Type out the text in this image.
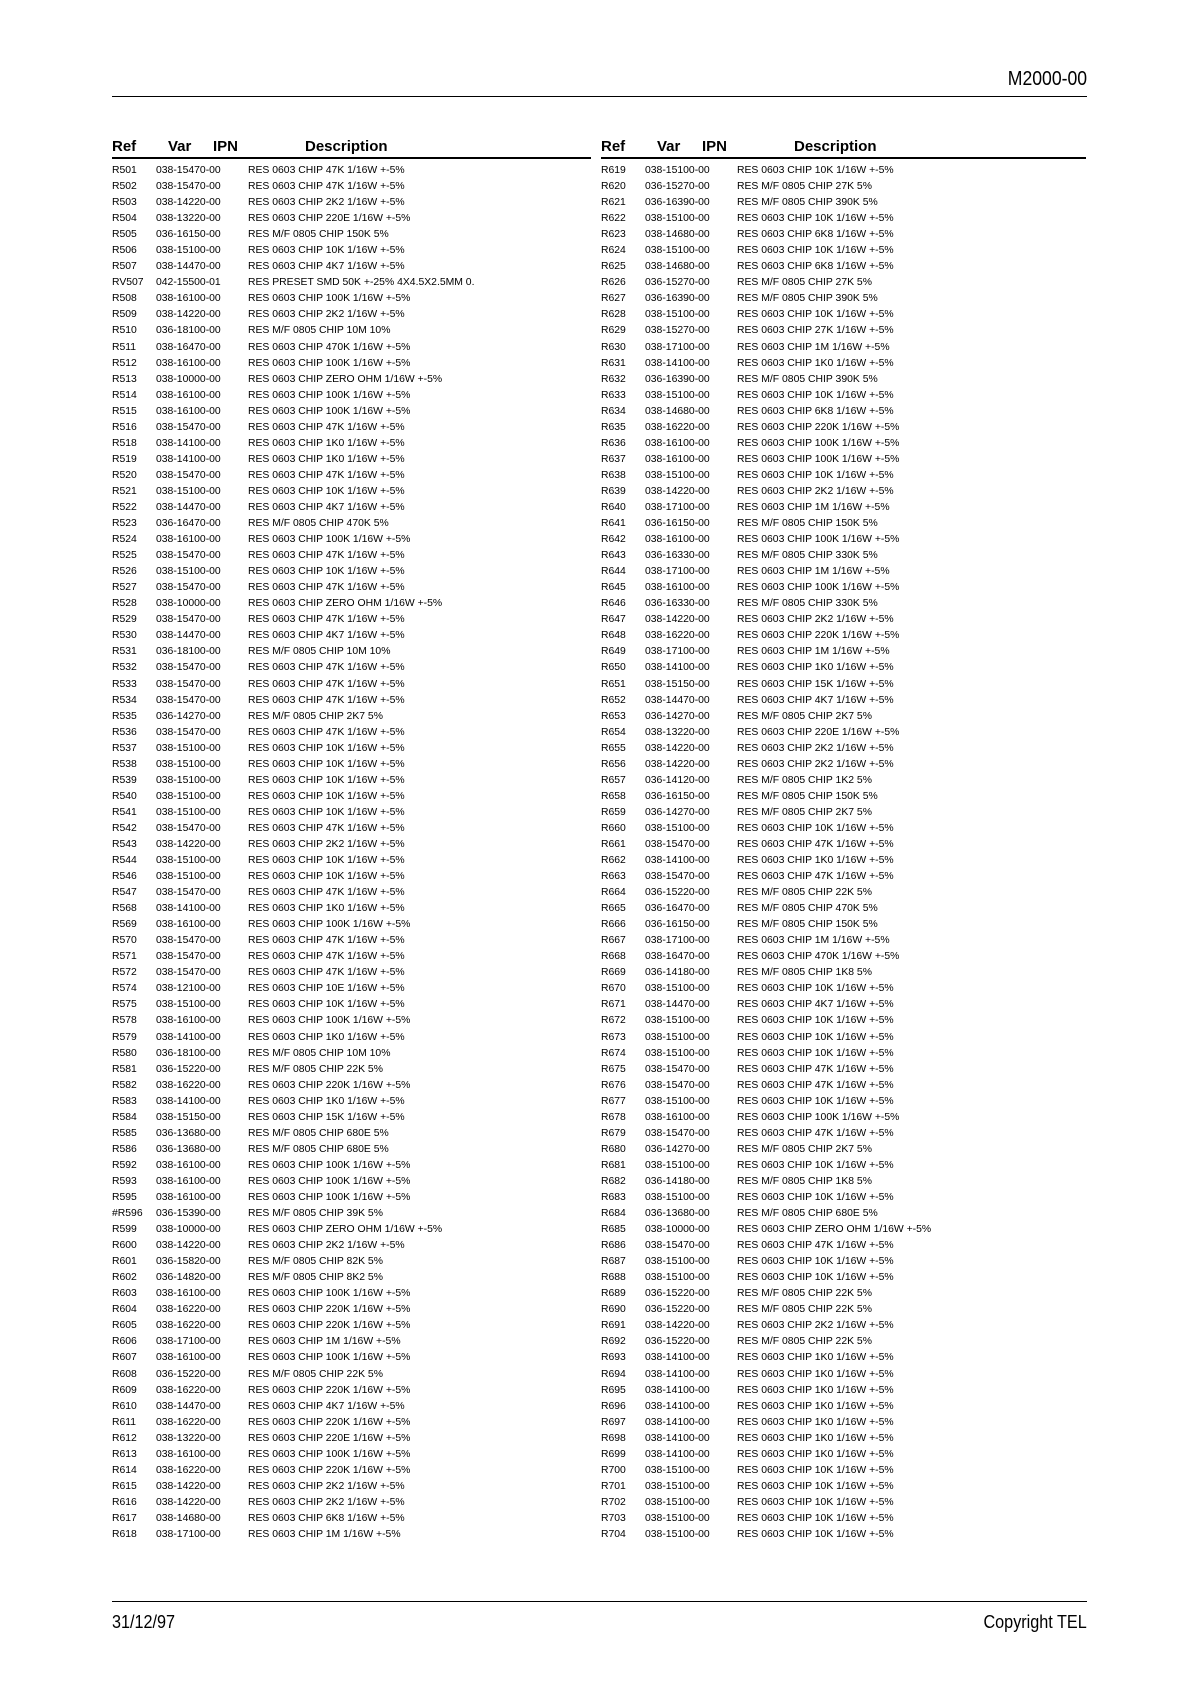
M2000-00
Ref Var IPN	Description
R501 038-15470-00	RES 0603 CHIP 47K 1/16W +-5%
R502 038-15470-00	RES 0603 CHIP 47K 1/16W +-5%
R503 038-14220-00	RES 0603 CHIP 2K2 1/16W +-5%
R504 038-13220-00	RES 0603 CHIP 220E 1/16W +-5%
R505 036-16150-00	RES M/F 0805 CHIP 150K 5%
R506 038-15100-00	RES 0603 CHIP 10K 1/16W +-5%
R507 038-14470-00	RES 0603 CHIP 4K7 1/16W +-5%
RV507 042-15500-01	RES PRESET SMD 50K +-25% 4X4.5X2.5MM 0.
R508 038-16100-00	RES 0603 CHIP 100K 1/16W +-5%
R509 038-14220-00	RES 0603 CHIP 2K2 1/16W +-5%
R510 036-18100-00	RES M/F 0805 CHIP 10M 10%
R511 038-16470-00	RES 0603 CHIP 470K 1/16W +-5%
R512 038-16100-00	RES 0603 CHIP 100K 1/16W +-5%
R513 038-10000-00	RES 0603 CHIP ZERO OHM 1/16W +-5%
R514 038-16100-00	RES 0603 CHIP 100K 1/16W +-5%
R515 038-16100-00	RES 0603 CHIP 100K 1/16W +-5%
R516 038-15470-00	RES 0603 CHIP 47K 1/16W +-5%
R518 038-14100-00	RES 0603 CHIP 1K0 1/16W +-5%
R519 038-14100-00	RES 0603 CHIP 1K0 1/16W +-5%
R520 038-15470-00	RES 0603 CHIP 47K 1/16W +-5%
R521 038-15100-00	RES 0603 CHIP 10K 1/16W +-5%
R522 038-14470-00	RES 0603 CHIP 4K7 1/16W +-5%
R523 036-16470-00	RES M/F 0805 CHIP 470K 5%
R524 038-16100-00	RES 0603 CHIP 100K 1/16W +-5%
R525 038-15470-00	RES 0603 CHIP 47K 1/16W +-5%
R526 038-15100-00	RES 0603 CHIP 10K 1/16W +-5%
R527 038-15470-00	RES 0603 CHIP 47K 1/16W +-5%
R528 038-10000-00	RES 0603 CHIP ZERO OHM 1/16W +-5%
R529 038-15470-00	RES 0603 CHIP 47K 1/16W +-5%
R530 038-14470-00	RES 0603 CHIP 4K7 1/16W +-5%
R531 036-18100-00	RES M/F 0805 CHIP 10M 10%
R532 038-15470-00	RES 0603 CHIP 47K 1/16W +-5%
R533 038-15470-00	RES 0603 CHIP 47K 1/16W +-5%
R534 038-15470-00	RES 0603 CHIP 47K 1/16W +-5%
R535 036-14270-00	RES M/F 0805 CHIP 2K7 5%
R536 038-15470-00	RES 0603 CHIP 47K 1/16W +-5%
R537 038-15100-00	RES 0603 CHIP 10K 1/16W +-5%
R538 038-15100-00	RES 0603 CHIP 10K 1/16W +-5%
R539 038-15100-00	RES 0603 CHIP 10K 1/16W +-5%
R540 038-15100-00	RES 0603 CHIP 10K 1/16W +-5%
R541 038-15100-00	RES 0603 CHIP 10K 1/16W +-5%
R542 038-15470-00	RES 0603 CHIP 47K 1/16W +-5%
R543 038-14220-00	RES 0603 CHIP 2K2 1/16W +-5%
R544 038-15100-00	RES 0603 CHIP 10K 1/16W +-5%
R546 038-15100-00	RES 0603 CHIP 10K 1/16W +-5%
R547 038-15470-00	RES 0603 CHIP 47K 1/16W +-5%
R568 038-14100-00	RES 0603 CHIP 1K0 1/16W +-5%
R569 038-16100-00	RES 0603 CHIP 100K 1/16W +-5%
R570 038-15470-00	RES 0603 CHIP 47K 1/16W +-5%
R571 038-15470-00	RES 0603 CHIP 47K 1/16W +-5%
R572 038-15470-00	RES 0603 CHIP 47K 1/16W +-5%
R574 038-12100-00	RES 0603 CHIP 10E 1/16W +-5%
R575 038-15100-00	RES 0603 CHIP 10K 1/16W +-5%
R578 038-16100-00	RES 0603 CHIP 100K 1/16W +-5%
R579 038-14100-00	RES 0603 CHIP 1K0 1/16W +-5%
R580 036-18100-00	RES M/F 0805 CHIP 10M 10%
R581 036-15220-00	RES M/F 0805 CHIP 22K 5%
R582 038-16220-00	RES 0603 CHIP 220K 1/16W +-5%
R583 038-14100-00	RES 0603 CHIP 1K0 1/16W +-5%
R584 038-15150-00	RES 0603 CHIP 15K 1/16W +-5%
R585 036-13680-00	RES M/F 0805 CHIP 680E 5%
R586 036-13680-00	RES M/F 0805 CHIP 680E 5%
R592 038-16100-00	RES 0603 CHIP 100K 1/16W +-5%
R593 038-16100-00	RES 0603 CHIP 100K 1/16W +-5%
R595 038-16100-00	RES 0603 CHIP 100K 1/16W +-5%
#R596 036-15390-00	RES M/F 0805 CHIP 39K 5%
R599 038-10000-00	RES 0603 CHIP ZERO OHM 1/16W +-5%
R600 038-14220-00	RES 0603 CHIP 2K2 1/16W +-5%
R601 036-15820-00	RES M/F 0805 CHIP 82K 5%
R602 036-14820-00	RES M/F 0805 CHIP 8K2 5%
R603 038-16100-00	RES 0603 CHIP 100K 1/16W +-5%
R604 038-16220-00	RES 0603 CHIP 220K 1/16W +-5%
R605 038-16220-00	RES 0603 CHIP 220K 1/16W +-5%
R606 038-17100-00	RES 0603 CHIP 1M 1/16W +-5%
R607 038-16100-00	RES 0603 CHIP 100K 1/16W +-5%
R608 036-15220-00	RES M/F 0805 CHIP 22K 5%
R609 038-16220-00	RES 0603 CHIP 220K 1/16W +-5%
R610 038-14470-00	RES 0603 CHIP 4K7 1/16W +-5%
R611 038-16220-00	RES 0603 CHIP 220K 1/16W +-5%
R612 038-13220-00	RES 0603 CHIP 220E 1/16W +-5%
R613 038-16100-00	RES 0603 CHIP 100K 1/16W +-5%
R614 038-16220-00	RES 0603 CHIP 220K 1/16W +-5%
R615 038-14220-00	RES 0603 CHIP 2K2 1/16W +-5%
R616 038-14220-00	RES 0603 CHIP 2K2 1/16W +-5%
R617 038-14680-00	RES 0603 CHIP 6K8 1/16W +-5%
R618 038-17100-00	RES 0603 CHIP 1M 1/16W +-5%
Ref Var IPN	Description
R619 038-15100-00	RES 0603 CHIP 10K 1/16W +-5%
R620 036-15270-00	RES M/F 0805 CHIP 27K 5%
R621 036-16390-00	RES M/F 0805 CHIP 390K 5%
R622 038-15100-00	RES 0603 CHIP 10K 1/16W +-5%
R623 038-14680-00	RES 0603 CHIP 6K8 1/16W +-5%
R624 038-15100-00	RES 0603 CHIP 10K 1/16W +-5%
R625 038-14680-00	RES 0603 CHIP 6K8 1/16W +-5%
R626 036-15270-00	RES M/F 0805 CHIP 27K 5%
R627 036-16390-00	RES M/F 0805 CHIP 390K 5%
R628 038-15100-00	RES 0603 CHIP 10K 1/16W +-5%
R629 038-15270-00	RES 0603 CHIP 27K 1/16W +-5%
R630 038-17100-00	RES 0603 CHIP 1M 1/16W +-5%
R631 038-14100-00	RES 0603 CHIP 1K0 1/16W +-5%
R632 036-16390-00	RES M/F 0805 CHIP 390K 5%
R633 038-15100-00	RES 0603 CHIP 10K 1/16W +-5%
R634 038-14680-00	RES 0603 CHIP 6K8 1/16W +-5%
R635 038-16220-00	RES 0603 CHIP 220K 1/16W +-5%
R636 038-16100-00	RES 0603 CHIP 100K 1/16W +-5%
R637 038-16100-00	RES 0603 CHIP 100K 1/16W +-5%
R638 038-15100-00	RES 0603 CHIP 10K 1/16W +-5%
R639 038-14220-00	RES 0603 CHIP 2K2 1/16W +-5%
R640 038-17100-00	RES 0603 CHIP 1M 1/16W +-5%
R641 036-16150-00	RES M/F 0805 CHIP 150K 5%
R642 038-16100-00	RES 0603 CHIP 100K 1/16W +-5%
R643 036-16330-00	RES M/F 0805 CHIP 330K 5%
R644 038-17100-00	RES 0603 CHIP 1M 1/16W +-5%
R645 038-16100-00	RES 0603 CHIP 100K 1/16W +-5%
R646 036-16330-00	RES M/F 0805 CHIP 330K 5%
R647 038-14220-00	RES 0603 CHIP 2K2 1/16W +-5%
R648 038-16220-00	RES 0603 CHIP 220K 1/16W +-5%
R649 038-17100-00	RES 0603 CHIP 1M 1/16W +-5%
R650 038-14100-00	RES 0603 CHIP 1K0 1/16W +-5%
R651 038-15150-00	RES 0603 CHIP 15K 1/16W +-5%
R652 038-14470-00	RES 0603 CHIP 4K7 1/16W +-5%
R653 036-14270-00	RES M/F 0805 CHIP 2K7 5%
R654 038-13220-00	RES 0603 CHIP 220E 1/16W +-5%
R655 038-14220-00	RES 0603 CHIP 2K2 1/16W +-5%
R656 038-14220-00	RES 0603 CHIP 2K2 1/16W +-5%
R657 036-14120-00	RES M/F 0805 CHIP 1K2 5%
R658 036-16150-00	RES M/F 0805 CHIP 150K 5%
R659 036-14270-00	RES M/F 0805 CHIP 2K7 5%
R660 038-15100-00	RES 0603 CHIP 10K 1/16W +-5%
R661 038-15470-00	RES 0603 CHIP 47K 1/16W +-5%
R662 038-14100-00	RES 0603 CHIP 1K0 1/16W +-5%
R663 038-15470-00	RES 0603 CHIP 47K 1/16W +-5%
R664 036-15220-00	RES M/F 0805 CHIP 22K 5%
R665 036-16470-00	RES M/F 0805 CHIP 470K 5%
R666 036-16150-00	RES M/F 0805 CHIP 150K 5%
R667 038-17100-00	RES 0603 CHIP 1M 1/16W +-5%
R668 038-16470-00	RES 0603 CHIP 470K 1/16W +-5%
R669 036-14180-00	RES M/F 0805 CHIP 1K8 5%
R670 038-15100-00	RES 0603 CHIP 10K 1/16W +-5%
R671 038-14470-00	RES 0603 CHIP 4K7 1/16W +-5%
R672 038-15100-00	RES 0603 CHIP 10K 1/16W +-5%
R673 038-15100-00	RES 0603 CHIP 10K 1/16W +-5%
R674 038-15100-00	RES 0603 CHIP 10K 1/16W +-5%
R675 038-15470-00	RES 0603 CHIP 47K 1/16W +-5%
R676 038-15470-00	RES 0603 CHIP 47K 1/16W +-5%
R677 038-15100-00	RES 0603 CHIP 10K 1/16W +-5%
R678 038-16100-00	RES 0603 CHIP 100K 1/16W +-5%
R679 038-15470-00	RES 0603 CHIP 47K 1/16W +-5%
R680 036-14270-00	RES M/F 0805 CHIP 2K7 5%
R681 038-15100-00	RES 0603 CHIP 10K 1/16W +-5%
R682 036-14180-00	RES M/F 0805 CHIP 1K8 5%
R683 038-15100-00	RES 0603 CHIP 10K 1/16W +-5%
R684 036-13680-00	RES M/F 0805 CHIP 680E 5%
R685 038-10000-00	RES 0603 CHIP ZERO OHM 1/16W +-5%
R686 038-15470-00	RES 0603 CHIP 47K 1/16W +-5%
R687 038-15100-00	RES 0603 CHIP 10K 1/16W +-5%
R688 038-15100-00	RES 0603 CHIP 10K 1/16W +-5%
R689 036-15220-00	RES M/F 0805 CHIP 22K 5%
R690 036-15220-00	RES M/F 0805 CHIP 22K 5%
R691 038-14220-00	RES 0603 CHIP 2K2 1/16W +-5%
R692 036-15220-00	RES M/F 0805 CHIP 22K 5%
R693 038-14100-00	RES 0603 CHIP 1K0 1/16W +-5%
R694 038-14100-00	RES 0603 CHIP 1K0 1/16W +-5%
R695 038-14100-00	RES 0603 CHIP 1K0 1/16W +-5%
R696 038-14100-00	RES 0603 CHIP 1K0 1/16W +-5%
R697 038-14100-00	RES 0603 CHIP 1K0 1/16W +-5%
R698 038-14100-00	RES 0603 CHIP 1K0 1/16W +-5%
R699 038-14100-00	RES 0603 CHIP 1K0 1/16W +-5%
R700 038-15100-00	RES 0603 CHIP 10K 1/16W +-5%
R701 038-15100-00	RES 0603 CHIP 10K 1/16W +-5%
R702 038-15100-00	RES 0603 CHIP 10K 1/16W +-5%
R703 038-15100-00	RES 0603 CHIP 10K 1/16W +-5%
R704 038-15100-00	RES 0603 CHIP 10K 1/16W +-5%
31/12/97	Copyright TEL
